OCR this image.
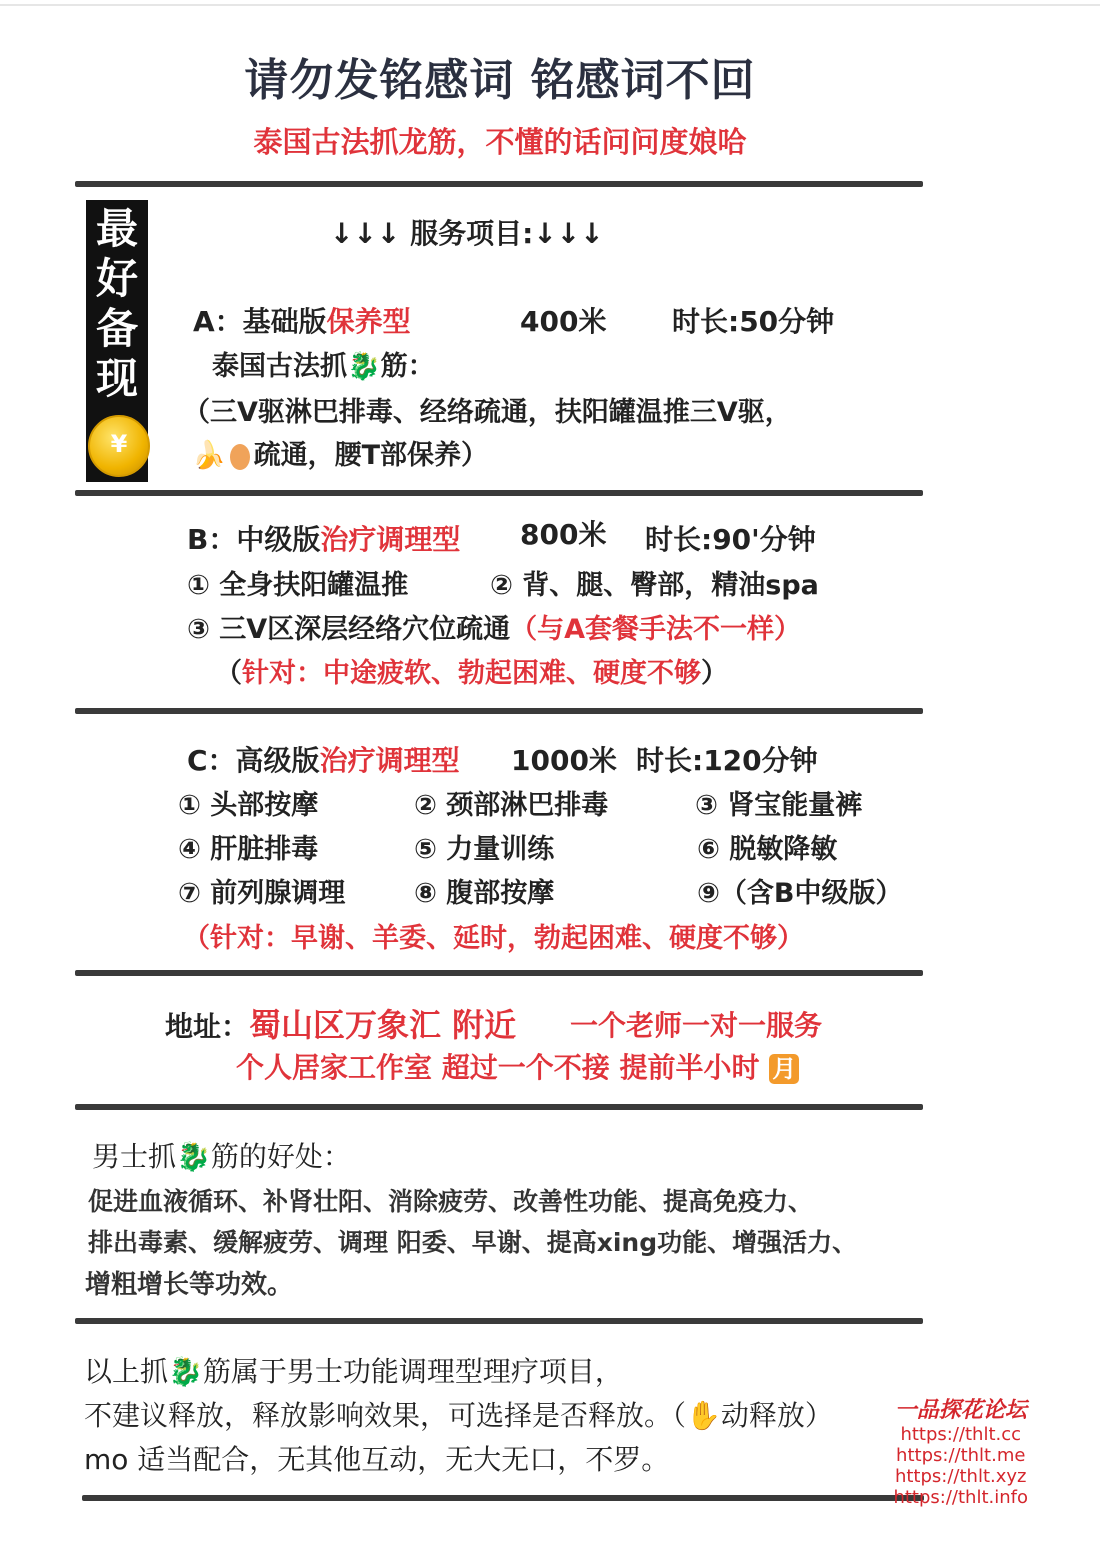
请勿发铭感词 铭感词不回
泰国古法抓龙筋，不懂的话问问度娘哈
最
好
备
现
¥
↓↓↓ 服务项目:↓↓↓
A：基础版保养型	400米 时长:50分钟
泰国古法抓🐉筋：
（三V驱淋巴排毒、经络疏通，扶阳罐温推三V驱，
🍌 疏通，腰T部保养）
B：中级版治疗调理型 800米 时长:90'分钟
① 全身扶阳罐温推	② 背、腿、臀部，精油spa
③ 三V区深层经络穴位疏通（与A套餐手法不一样）
（针对：中途疲软、勃起困难、硬度不够）
C：高级版治疗调理型 1000米 时长:120分钟
① 头部按摩	② 颈部淋巴排毒	③ 肾宝能量裤
④ 肝脏排毒	⑤ 力量训练	⑥ 脱敏降敏
⑦ 前列腺调理	⑧ 腹部按摩	⑨（含B中级版）
（针对：早谢、羊委、延时，勃起困难、硬度不够）
地址：蜀山区万象汇 附近 一个老师一对一服务
个人居家工作室 超过一个不接 提前半小时 月
男士抓🐉筋的好处：
促进血液循环、补肾壮阳、消除疲劳、改善性功能、提高免疫力、
排出毒素、缓解疲劳、调理 阳委、早谢、提高xing功能、增强活力、
增粗增长等功效。
以上抓🐉筋属于男士功能调理型理疗项目，
不建议释放，释放影响效果，可选择是否释放。（✋动释放）
mo 适当配合，无其他互动，无大无口，不罗。
一品探花论坛
https://thlt.cc
https://thlt.me
https://thlt.xyz
https://thlt.info
